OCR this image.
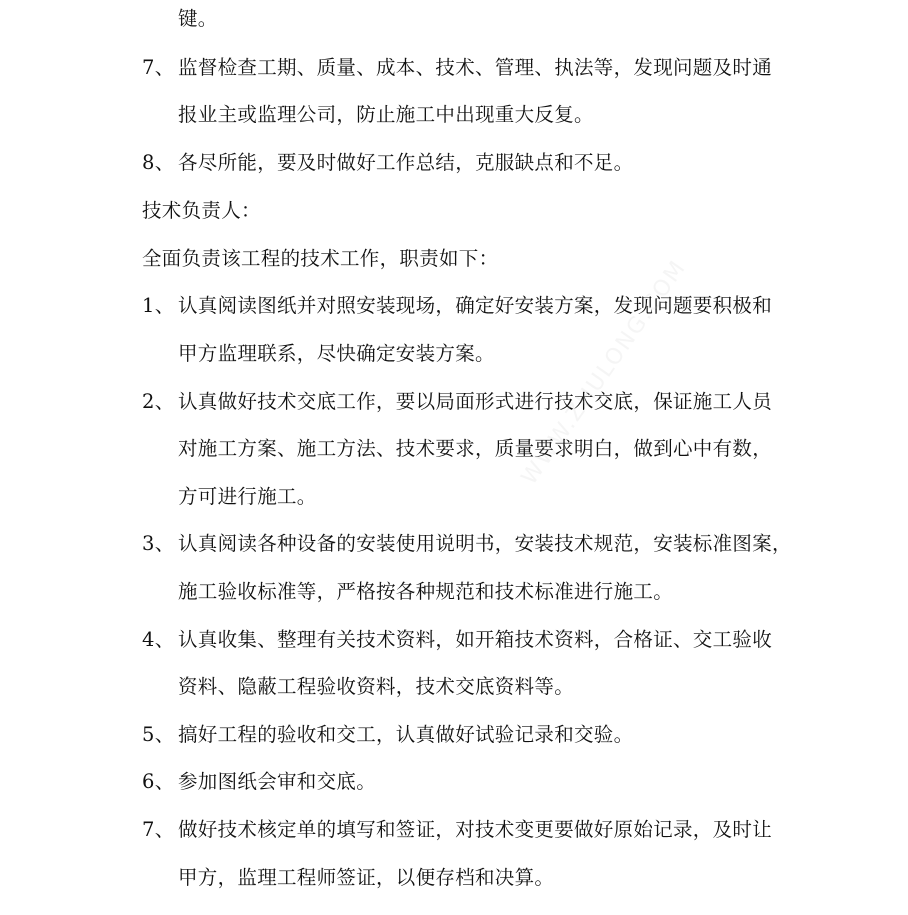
键。
7、 监督检查工期、质量、成本、技术、管理、执法等，发现问题及时通
报业主或监理公司，防止施工中出现重大反复。
8、 各尽所能，要及时做好工作总结，克服缺点和不足。
技术负责人：
全面负责该工程的技术工作，职责如下：
1、 认真阅读图纸并对照安装现场，确定好安装方案，发现问题要积极和
甲方监理联系，尽快确定安装方案。
2、 认真做好技术交底工作，要以局面形式进行技术交底，保证施工人员
对施工方案、施工方法、技术要求，质量要求明白，做到心中有数，
方可进行施工。
3、 认真阅读各种设备的安装使用说明书，安装技术规范，安装标准图案，
施工验收标准等，严格按各种规范和技术标准进行施工。
4、 认真收集、整理有关技术资料，如开箱技术资料，合格证、交工验收
资料、隐蔽工程验收资料，技术交底资料等。
5、 搞好工程的验收和交工，认真做好试验记录和交验。
6、 参加图纸会审和交底。
7、 做好技术核定单的填写和签证，对技术变更要做好原始记录，及时让
甲方，监理工程师签证，以便存档和决算。
WWW.ZHULONG.COM
